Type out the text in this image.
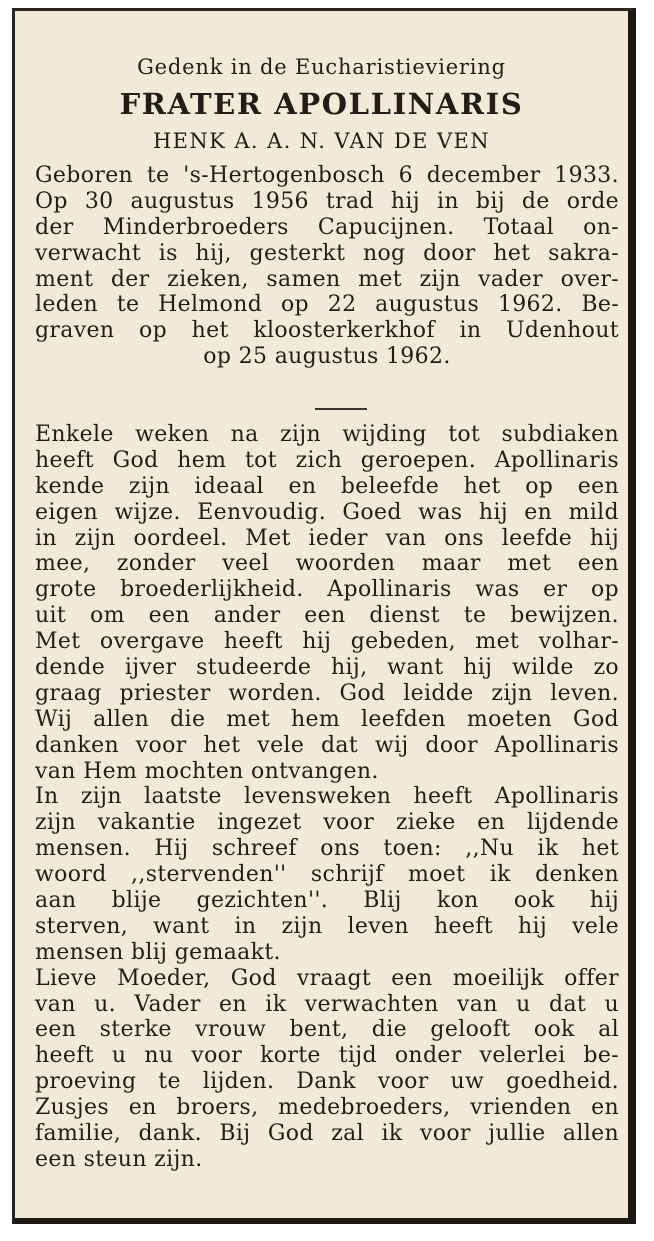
Gedenk in de Eucharistieviering
FRATER APOLLINARIS
HENK A. A. N. VAN DE VEN
Geboren te 's-Hertogenbosch 6 december 1933.
Op 30 augustus 1956 trad hij in bij de orde
der Minderbroeders Capucijnen. Totaal on-
verwacht is hij, gesterkt nog door het sakra-
ment der zieken, samen met zijn vader over-
leden te Helmond op 22 augustus 1962. Be-
graven op het kloosterkerkhof in Udenhout
op 25 augustus 1962.
Enkele weken na zijn wijding tot subdiaken
heeft God hem tot zich geroepen. Apollinaris
kende zijn ideaal en beleefde het op een
eigen wijze. Eenvoudig. Goed was hij en mild
in zijn oordeel. Met ieder van ons leefde hij
mee, zonder veel woorden maar met een
grote broederlijkheid. Apollinaris was er op
uit om een ander een dienst te bewijzen.
Met overgave heeft hij gebeden, met volhar-
dende ijver studeerde hij, want hij wilde zo
graag priester worden. God leidde zijn leven.
Wij allen die met hem leefden moeten God
danken voor het vele dat wij door Apollinaris
van Hem mochten ontvangen.
In zijn laatste levensweken heeft Apollinaris
zijn vakantie ingezet voor zieke en lijdende
mensen. Hij schreef ons toen: ,,Nu ik het
woord ,,stervenden'' schrijf moet ik denken
aan blije gezichten''. Blij kon ook hij
sterven, want in zijn leven heeft hij vele
mensen blij gemaakt.
Lieve Moeder, God vraagt een moeilijk offer
van u. Vader en ik verwachten van u dat u
een sterke vrouw bent, die gelooft ook al
heeft u nu voor korte tijd onder velerlei be-
proeving te lijden. Dank voor uw goedheid.
Zusjes en broers, medebroeders, vrienden en
familie, dank. Bij God zal ik voor jullie allen
een steun zijn.
